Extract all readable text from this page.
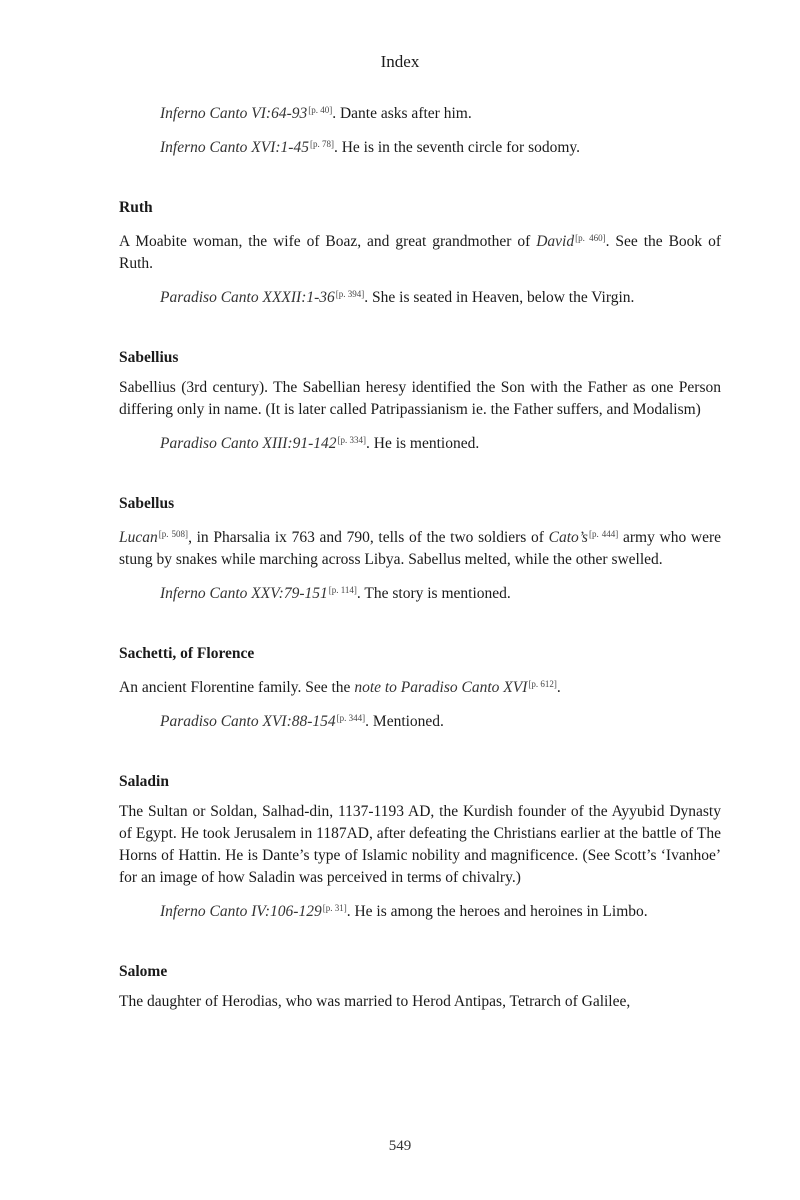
Index

Inferno Canto VI:64-93[p. 40]. Dante asks after him.

Inferno Canto XVI:1-45[p. 78]. He is in the seventh circle for sodomy.

Ruth

A Moabite woman, the wife of Boaz, and great grandmother of David[p. 460]. See the Book of Ruth.

Paradiso Canto XXXII:1-36[p. 394]. She is seated in Heaven, below the Virgin.

Sabellius

Sabellius (3rd century). The Sabellian heresy identified the Son with the Father as one Person differing only in name. (It is later called Patripassianism ie. the Father suffers, and Modalism)

Paradiso Canto XIII:91-142[p. 334]. He is mentioned.

Sabellus

Lucan[p. 508], in Pharsalia ix 763 and 790, tells of the two soldiers of Cato’s[p. 444] army who were stung by snakes while marching across Libya. Sabellus melted, while the other swelled.

Inferno Canto XXV:79-151[p. 114]. The story is mentioned.

Sachetti, of Florence

An ancient Florentine family. See the note to Paradiso Canto XVI[p. 612].

Paradiso Canto XVI:88-154[p. 344]. Mentioned.

Saladin

The Sultan or Soldan, Salhad-din, 1137-1193 AD, the Kurdish founder of the Ayyubid Dynasty of Egypt. He took Jerusalem in 1187AD, after defeating the Christians earlier at the battle of The Horns of Hattin. He is Dante’s type of Islamic nobility and magnificence. (See Scott’s ‘Ivanhoe’ for an image of how Saladin was perceived in terms of chivalry.)

Inferno Canto IV:106-129[p. 31]. He is among the heroes and heroines in Limbo.

Salome

The daughter of Herodias, who was married to Herod Antipas, Tetrarch of Galilee,

549
